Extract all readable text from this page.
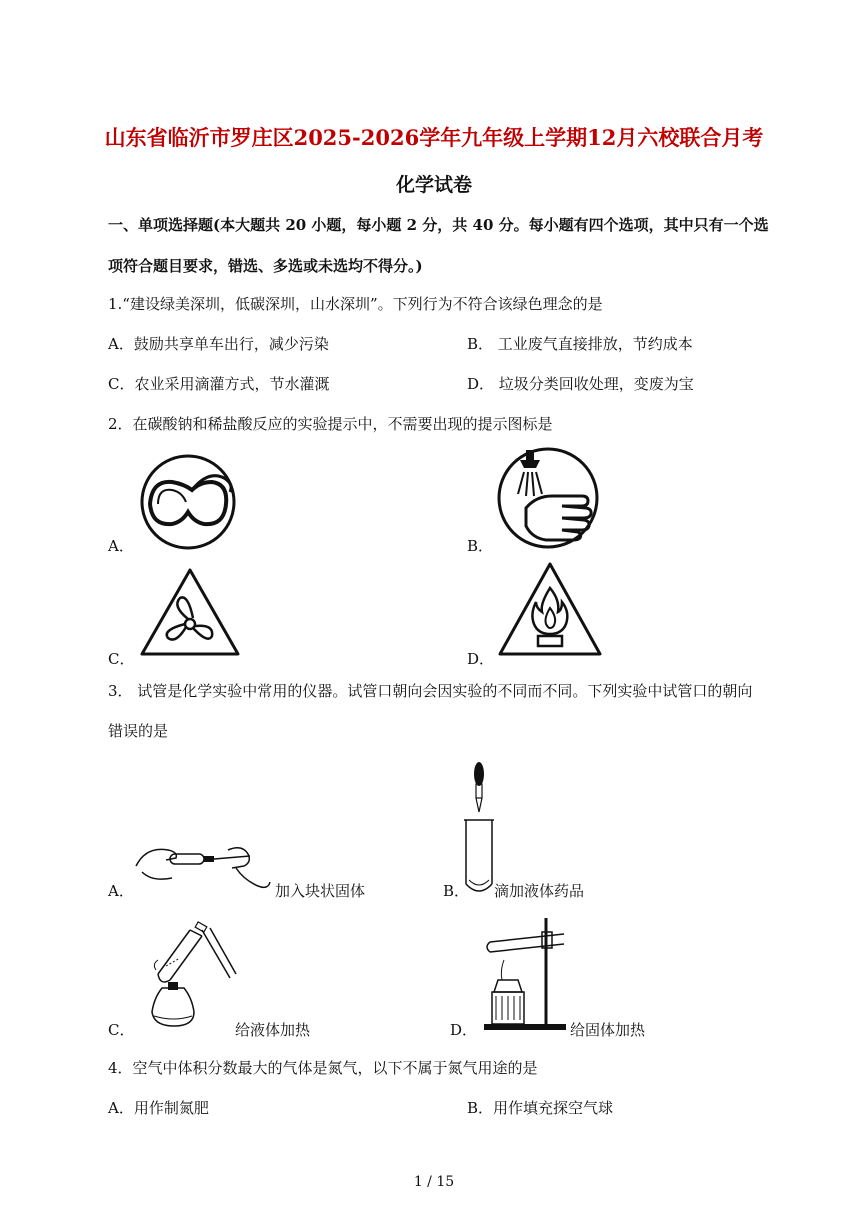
山东省临沂市罗庄区2025-2026学年九年级上学期12月六校联合月考
化学试卷
一、单项选择题(本大题共 20 小题，每小题 2 分，共 40 分。每小题有四个选项，其中只有一个选
项符合题目要求，错选、多选或未选均不得分。)
1.“建设绿美深圳，低碳深圳，山水深圳”。下列行为不符合该绿色理念的是
A．鼓励共享单车出行，减少污染	B． 工业废气直接排放，节约成本
C．农业采用滴灌方式，节水灌溉	D． 垃圾分类回收处理，变废为宝
2．在碳酸钠和稀盐酸反应的实验提示中，不需要出现的提示图标是
A．	B．
C．	D．
3． 试管是化学实验中常用的仪器。试管口朝向会因实验的不同而不同。下列实验中试管口的朝向
错误的是
A．	加入块状固体	B． 滴加液体药品
C．	给液体加热	D．	给固体加热
4．空气中体积分数最大的气体是氮气，以下不属于氮气用途的是
A．用作制氮肥	B．用作填充探空气球
1 / 15
